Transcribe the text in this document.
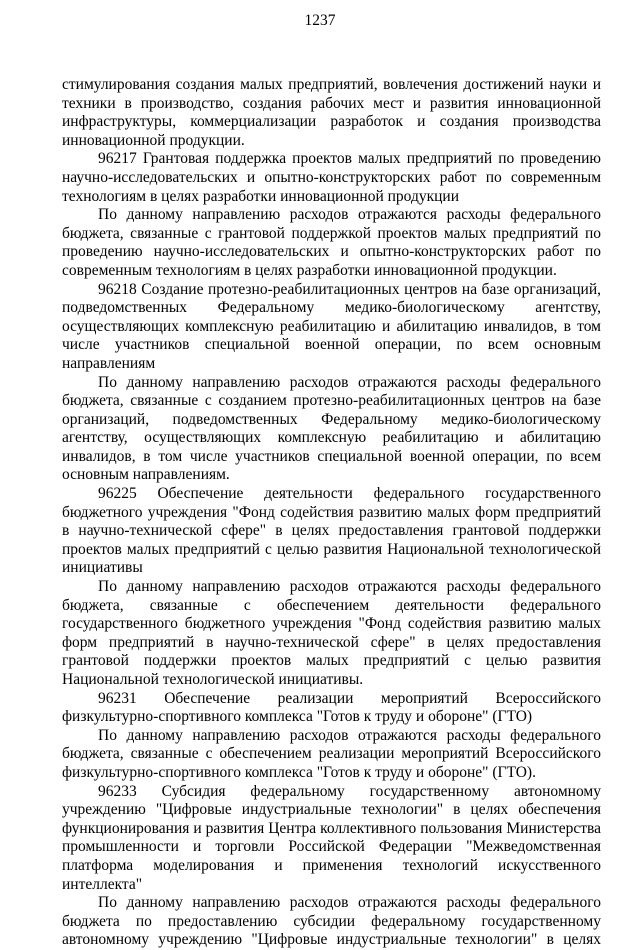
1237

стимулирования создания малых предприятий, вовлечения достижений науки и техники в производство, создания рабочих мест и развития инновационной инфраструктуры, коммерциализации разработок и создания производства инновационной продукции.

96217 Грантовая поддержка проектов малых предприятий по проведению научно-исследовательских и опытно-конструкторских работ по современным технологиям в целях разработки инновационной продукции

По данному направлению расходов отражаются расходы федерального бюджета, связанные с грантовой поддержкой проектов малых предприятий по проведению научно-исследовательских и опытно-конструкторских работ по современным технологиям в целях разработки инновационной продукции.

96218 Создание протезно-реабилитационных центров на базе организаций, подведомственных Федеральному медико-биологическому агентству, осуществляющих комплексную реабилитацию и абилитацию инвалидов, в том числе участников специальной военной операции, по всем основным направлениям

По данному направлению расходов отражаются расходы федерального бюджета, связанные с созданием протезно-реабилитационных центров на базе организаций, подведомственных Федеральному медико-биологическому агентству, осуществляющих комплексную реабилитацию и абилитацию инвалидов, в том числе участников специальной военной операции, по всем основным направлениям.

96225 Обеспечение деятельности федерального государственного бюджетного учреждения "Фонд содействия развитию малых форм предприятий в научно-технической сфере" в целях предоставления грантовой поддержки проектов малых предприятий с целью развития Национальной технологической инициативы

По данному направлению расходов отражаются расходы федерального бюджета, связанные с обеспечением деятельности федерального государственного бюджетного учреждения "Фонд содействия развитию малых форм предприятий в научно-технической сфере" в целях предоставления грантовой поддержки проектов малых предприятий с целью развития Национальной технологической инициативы.

96231 Обеспечение реализации мероприятий Всероссийского физкультурно-спортивного комплекса "Готов к труду и обороне" (ГТО)

По данному направлению расходов отражаются расходы федерального бюджета, связанные с обеспечением реализации мероприятий Всероссийского физкультурно-спортивного комплекса "Готов к труду и обороне" (ГТО).

96233 Субсидия федеральному государственному автономному учреждению "Цифровые индустриальные технологии" в целях обеспечения функционирования и развития Центра коллективного пользования Министерства промышленности и торговли Российской Федерации "Межведомственная платформа моделирования и применения технологий искусственного интеллекта"

По данному направлению расходов отражаются расходы федерального бюджета по предоставлению субсидии федеральному государственному автономному учреждению "Цифровые индустриальные технологии" в целях
